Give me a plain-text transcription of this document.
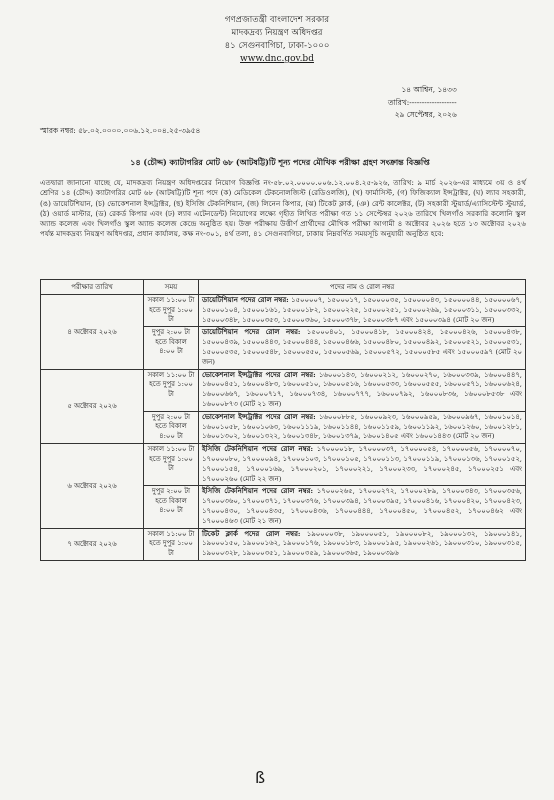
গণপ্রজাতন্ত্রী বাংলাদেশ সরকার
মাদকদ্রব্য নিয়ন্ত্রণ অধিদপ্তর
৪১ সেগুনবাগিচা, ঢাকা-১০০০
www.dnc.gov.bd
স্মারক নম্বর: ৫৮.০২.০০০০.০০৬.১২.০০৪.২৫-৩৯৫৪
১৪ আশ্বিন, ১৪৩৩
তারিখ:-------------------
২৯ সেপ্টেম্বর, ২০২৬
১৪ (চৌদ্দ) ক্যাটাগরির মোট ৬৮ (আটষট্টি)টি শূন্য পদের মৌখিক পরীক্ষা গ্রহণ সংক্রান্ত বিজ্ঞপ্তি
এতদ্বারা জানানো যাচ্ছে যে, মাদকদ্রব্য নিয়ন্ত্রণ অধিদপ্তরের নিয়োগ বিজ্ঞপ্তি নং-৫৮.০২.০০০০.০০৬.১২.০০৪.২৫-৯২৬, তারিখ: ৯ মার্চ ২০২৬-এর মাধ্যমে ৩য় ও ৪র্থ শ্রেণির ১৪ (চৌদ্দ) ক্যাটাগরির মোট ৬৮ (আটষট্টি)টি শূন্য পদে (ক) মেডিকেল টেকনোলজিস্ট (রেডিওলজি), (খ) ফার্মাসিস্ট, (গ) ফিজিক্যাল ইন্সট্রাক্টর, (ঘ) ল্যাব সহকারী, (ঙ) ডায়েটিশিয়ান, (চ) ভোকেশনাল ইন্সট্রাক্টর, (ছ) ইসিজি টেকনিশিয়ান, (জ) লিনেন কিপার, (ঝ) টিকেট ক্লার্ক, (ঞ) রেন্ট কালেক্টর, (ট) সহকারী স্টুয়ার্ড/এ্যাসিস্টেন্ট স্টুয়ার্ড, (ঠ) ওয়ার্ড মাস্টার, (ড) রেকর্ড কিপার এবং (ঢ) ল্যাব এটেনডেন্ট) নিয়োগের লক্ষ্যে গৃহীত লিখিত পরীক্ষা গত ১১ সেপ্টেম্বর ২০২৬ তারিখে খিলগাঁও সরকারি কলোনি স্কুল অ্যান্ড কলেজ এবং খিলগাঁও স্কুল অ্যান্ড কলেজ কেন্দ্রে অনুষ্ঠিত হয়। উক্ত পরীক্ষায় উত্তীর্ণ প্রার্থীদের মৌখিক পরীক্ষা আগামী ৪ অক্টোবর ২০২৬ হতে ১৩ অক্টোবর ২০২৬ পর্যন্ত মাদকদ্রব্য নিয়ন্ত্রণ অধিদপ্তর, প্রধান কার্যালয়, কক্ষ নং-৩০১, ৪র্থ তলা, ৪১ সেগুনবাগিচা, ঢাকায় নিম্নবর্ণিত সময়সূচি অনুযায়ী অনুষ্ঠিত হবে:
পরীক্ষার তারিখ	সময়	পদের নাম ও রোল নম্বর
৪ অক্টোবর ২০২৬	সকাল ১১:০০ টা হতে দুপুর ১:০০ টা	ডায়েটিশিয়ান পদের রোল নম্বর: ১৫০০০০৭, ১৫০০০১৭, ১৫০০০০৩৫, ১৫০০০০৪৩, ১৫০০০০৪৪, ১৫০০০০৬৭, ১৫০০০১০৪, ১৫০০০১৬১, ১৫০০০১৮২, ১৫০০০২২৫, ১৫০০০২৫১, ১৫০০০২৬৯, ১৫০০০৩১১, ১৫০০০৩৩২, ১৫০০০৩৪৮, ১৫০০০৩৫৩, ১৫০০০৩৬০, ১৫০০০৩৭৮, ১৫০০০৩৮৭ এবং ১৫০০০৩৯৪ (মোট ২০ জন)
	দুপুর ২:০০ টা হতে বিকাল ৪:০০ টা	ডায়েটিশিয়ান পদের রোল নম্বর: ১৫০০০৪০১, ১৫০০০৪১৮, ১৫০০০৪২৪, ১৫০০০৪২৬, ১৫০০০৪৩৮, ১৫০০০৪৩৯, ১৫০০০৪৪৩, ১৫০০০৪৪৪, ১৫০০০৪৬৬, ১৫০০০৪৮০, ১৫০০০৪৯২, ১৫০০০৫২১, ১৫০০০৫৩১, ১৫০০০৫৩৫, ১৫০০০৫৪৮, ১৫০০০৫৫০, ১৫০০০৫৬৯, ১৫০০০৫৭২, ১৫০০০৫৮৫ এবং ১৫০০০৫৯৭ (মোট ২০ জন)
৫ অক্টোবর ২০২৬	সকাল ১১:০০ টা হতে দুপুর ১:০০ টা	ভোকেশনাল ইন্সট্রাক্টর পদের রোল নম্বর: ১৬০০০১৪৩, ১৬০০০২১২, ১৬০০০২৭০, ১৬০০০৩৩৯, ১৬০০০৪৪৭, ১৬০০০৪৫১, ১৬০০০৪৮৩, ১৬০০০৫১০, ১৬০০০৫১৬, ১৬০০০৫৩৩, ১৬০০০৫৫৫, ১৬০০০৫৭১, ১৬০০০৬২৪, ১৬০০০৬৬৭, ১৬০০০৭১৭, ১৬০০০৭৩৪, ১৬০০০৭৭৭, ১৬০০০৭৯২, ১৬০০০৮৩৬, ১৬০০০৮৫৩৮ এবং ১৬০০০৮৭৩ (মোট ২১ জন)
	দুপুর ২:০০ টা হতে বিকাল ৪:০০ টা	ভোকেশনাল ইন্সট্রাক্টর পদের রোল নম্বর: ১৬০০০৮৮৫, ১৬০০০৯২৩, ১৬০০০৯৫৯, ১৬০০০৯৬৭, ১৬০০১০১৪, ১৬০০১০৫৮, ১৬০০১০৬৩, ১৬০০১১১৯, ১৬০০১১৪৪, ১৬০০১১৫৯, ১৬০০১১৯২, ১৬০০১২৬০, ১৬০০১২৮১, ১৬০০১৩০২, ১৬০০১৩২২, ১৬০০১৩৪৮, ১৬০০১৩৭৯, ১৬০০১৪০৫ এবং ১৬০০১৪৪৩ (মোট ২০ জন)
৬ অক্টোবর ২০২৬	সকাল ১১:০০ টা হতে দুপুর ১:০০ টা	ইসিজি টেকনিশিয়ান পদের রোল নম্বর: ১৭০০০০১৮, ১৭০০০০৩৭, ১৭০০০০৫৪, ১৭০০০০৫৬, ১৭০০০০৭০, ১৭০০০০৮০, ১৭০০০০৯৪, ১৭০০০১০৩, ১৭০০০১০৫, ১৭০০০১১৩, ১৭০০০১১৯, ১৭০০০১৩৬, ১৭০০০১৫২, ১৭০০০১৫৪, ১৭০০০১৬৯, ১৭০০০২০১, ১৭০০০২২১, ১৭০০০২৩৩, ১৭০০০২৪৫, ১৭০০০২৫১ এবং ১৭০০০২৬০ (মোট ২২ জন)
	দুপুর ২:০০ টা হতে বিকাল ৪:০০ টা	ইসিজি টেকনিশিয়ান পদের রোল নম্বর: ১৭০০০২৬৫, ১৭০০০২৭২, ১৭০০০২৮৯, ১৭০০০৩৪৩, ১৭০০০৩৫৬, ১৭০০০৩৬০, ১৭০০০৩৭১, ১৭০০০৩৭৬, ১৭০০০৩৯৪, ১৭০০০৩৯৫, ১৭০০০৪১৬, ১৭০০০৪২০, ১৭০০০৪২৩, ১৭০০০৪৩০, ১৭০০০৪৩৫, ১৭০০০৪৩৬, ১৭০০০৪৪৪, ১৭০০০৪৫০, ১৭০০০৪৫২, ১৭০০০৪৬২ এবং ১৭০০০৪৬৩ (মোট ২১ জন)
৭ অক্টোবর ২০২৬	সকাল ১১:০০ টা হতে দুপুর ১:০০ টা	টিকেট ক্লার্ক পদের রোল নম্বর: ১৯০০০০৩৮, ১৯০০০০৫১, ১৯০০০০৮২, ১৯০০০১৩২, ১৯০০০১৪১, ১৯০০০১৫০, ১৯০০০১৬২, ১৯০০০১৭৬, ১৯০০০১৮৩, ১৯০০০১৯৫, ১৯০০০২৬১, ১৯০০০৩১০, ১৯০০০৩১৫, ১৯০০০৩২৮, ১৯০০০৩৫১, ১৯০০০৩৫৯, ১৯০০০৩৬৫, ১৯০০০৩৯৬
ß
